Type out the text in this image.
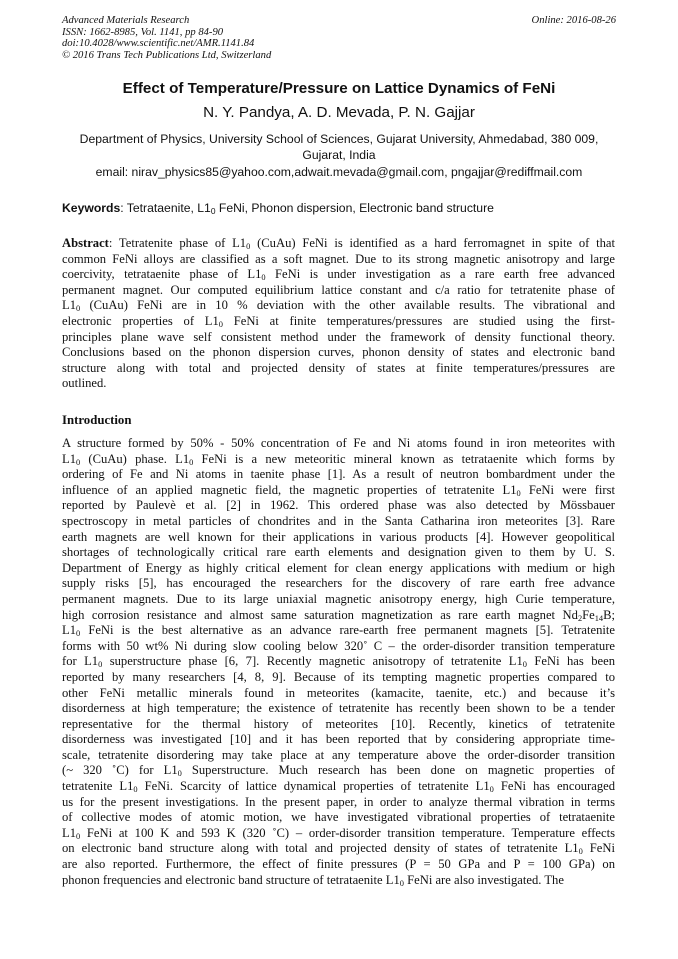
Advanced Materials Research
ISSN: 1662-8985, Vol. 1141, pp 84-90
doi:10.4028/www.scientific.net/AMR.1141.84
© 2016 Trans Tech Publications Ltd, Switzerland
Online: 2016-08-26
Effect of Temperature/Pressure on Lattice Dynamics of FeNi
N. Y. Pandya, A. D. Mevada, P. N. Gajjar
Department of Physics, University School of Sciences, Gujarat University, Ahmedabad, 380 009,
Gujarat, India
email: nirav_physics85@yahoo.com,adwait.mevada@gmail.com, pngajjar@rediffmail.com
Keywords: Tetrataenite, $L1_0$ FeNi, Phonon dispersion, Electronic band structure
Abstract: Tetratenite phase of $L1_0$ (CuAu) FeNi is identified as a hard ferromagnet in spite of that
common FeNi alloys are classified as a soft magnet. Due to its strong magnetic anisotropy and large
coercivity, tetrataenite phase of $L1_0$ FeNi is under investigation as a rare earth free advanced
permanent magnet. Our computed equilibrium lattice constant and c/a ratio for tetratenite phase of
$L1_0$ (CuAu) FeNi are in 10 % deviation with the other available results. The vibrational and
electronic properties of $L1_0$ FeNi at finite temperatures/pressures are studied using the first-
principles plane wave self consistent method under the framework of density functional theory.
Conclusions based on the phonon dispersion curves, phonon density of states and electronic band
structure along with total and projected density of states at finite temperatures/pressures are
outlined.
Introduction
A structure formed by 50% - 50% concentration of Fe and Ni atoms found in iron meteorites with
$L1_0$ (CuAu) phase. $L1_0$ FeNi is a new meteoritic mineral known as tetrataenite which forms by
ordering of Fe and Ni atoms in taenite phase [1]. As a result of neutron bombardment under the
influence of an applied magnetic field, the magnetic properties of tetratenite $L1_0$ FeNi were first
reported by Paulevè et al. [2] in 1962. This ordered phase was also detected by Mössbauer
spectroscopy in metal particles of chondrites and in the Santa Catharina iron meteorites [3]. Rare
earth magnets are well known for their applications in various products [4]. However geopolitical
shortages of technologically critical rare earth elements and designation given to them by U. S.
Department of Energy as highly critical element for clean energy applications with medium or high
supply risks [5], has encouraged the researchers for the discovery of rare earth free advance
permanent magnets. Due to its large uniaxial magnetic anisotropy energy, high Curie temperature,
high corrosion resistance and almost same saturation magnetization as rare earth magnet $Nd_2Fe_{14}B$;
$L1_0$ FeNi is the best alternative as an advance rare-earth free permanent magnets [5]. Tetratenite
forms with 50 wt% Ni during slow cooling below 320˚ C – the order-disorder transition temperature
for $L1_0$ superstructure phase [6, 7]. Recently magnetic anisotropy of tetratenite $L1_0$ FeNi has been
reported by many researchers [4, 8, 9]. Because of its tempting magnetic properties compared to
other FeNi metallic minerals found in meteorites (kamacite, taenite, etc.) and because it’s
disorderness at high temperature; the existence of tetratenite has recently been shown to be a tender
representative for the thermal history of meteorites [10]. Recently, kinetics of tetratenite
disorderness was investigated [10] and it has been reported that by considering appropriate time-
scale, tetratenite disordering may take place at any temperature above the order-disorder transition
(~ 320 ˚C) for $L1_0$ Superstructure. Much research has been done on magnetic properties of
tetratenite $L1_0$ FeNi. Scarcity of lattice dynamical properties of tetratenite $L1_0$ FeNi has encouraged
us for the present investigations. In the present paper, in order to analyze thermal vibration in terms
of collective modes of atomic motion, we have investigated vibrational properties of tetrataenite
$L1_0$ FeNi at 100 K and 593 K (320 ˚C) – order-disorder transition temperature. Temperature effects
on electronic band structure along with total and projected density of states of tetratenite $L1_0$ FeNi
are also reported. Furthermore, the effect of finite pressures (P = 50 GPa and P = 100 GPa) on
phonon frequencies and electronic band structure of tetrataenite $L1_0$ FeNi are also investigated. The
